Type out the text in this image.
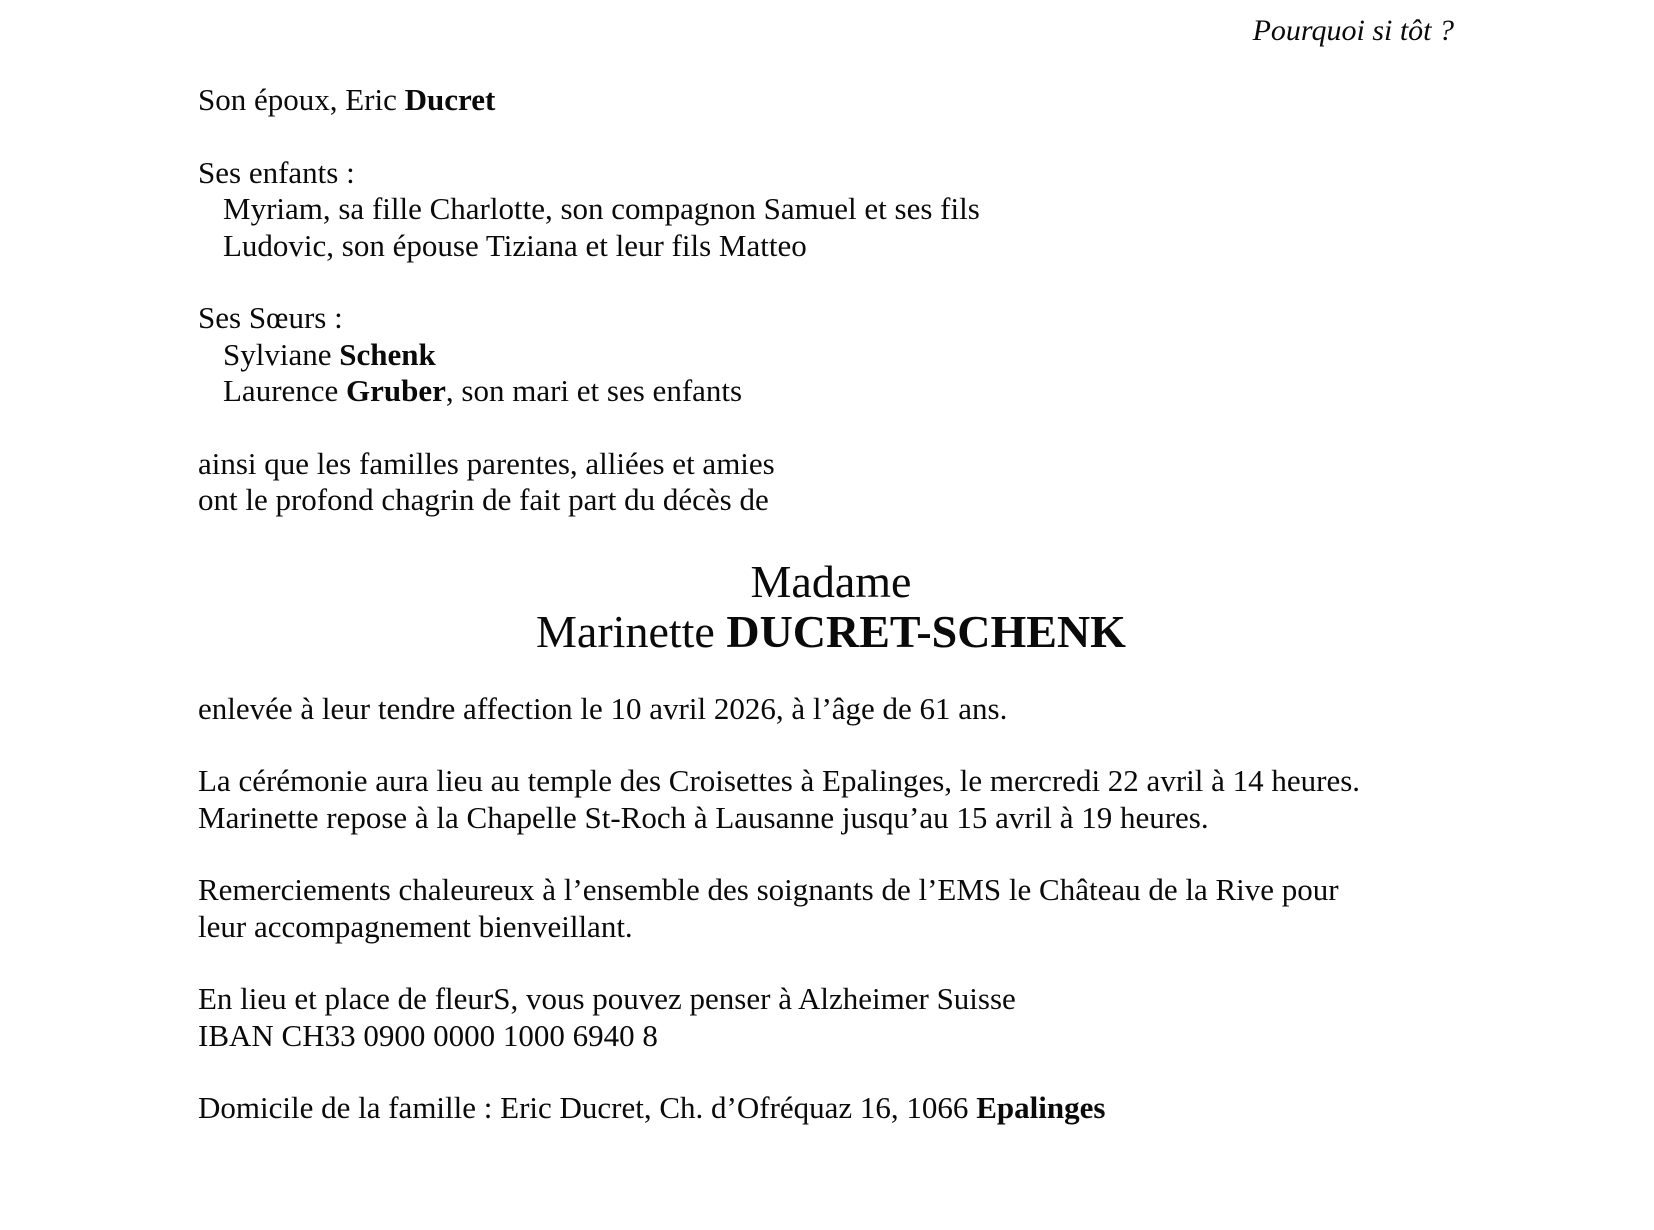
Pourquoi si tôt ?

Son époux, Eric Ducret

Ses enfants :
Myriam, sa fille Charlotte, son compagnon Samuel et ses fils
Ludovic, son épouse Tiziana et leur fils Matteo

Ses Sœurs :
Sylviane Schenk
Laurence Gruber, son mari et ses enfants

ainsi que les familles parentes, alliées et amies
ont le profond chagrin de fait part du décès de

Madame
Marinette DUCRET-SCHENK

enlevée à leur tendre affection le 10 avril 2026, à l’âge de 61 ans.

La cérémonie aura lieu au temple des Croisettes à Epalinges, le mercredi 22 avril à 14 heures.
Marinette repose à la Chapelle St-Roch à Lausanne jusqu’au 15 avril à 19 heures.

Remerciements chaleureux à l’ensemble des soignants de l’EMS le Château de la Rive pour
leur accompagnement bienveillant.

En lieu et place de fleurS, vous pouvez penser à Alzheimer Suisse
IBAN CH33 0900 0000 1000 6940 8

Domicile de la famille : Eric Ducret, Ch. d’Ofréquaz 16, 1066 Epalinges
